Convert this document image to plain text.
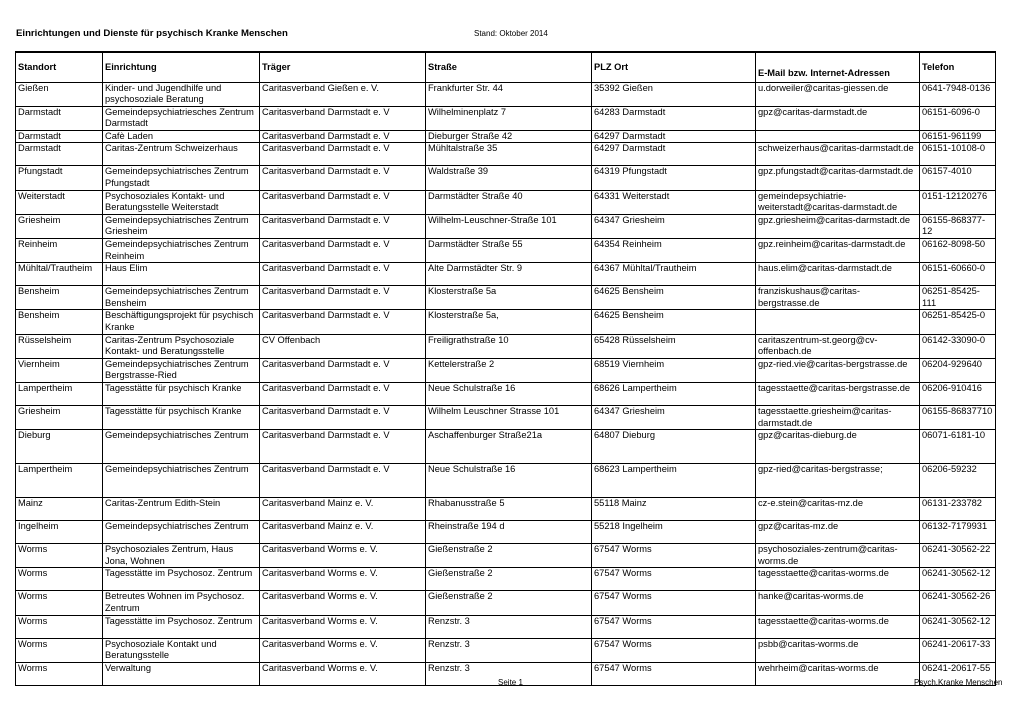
Einrichtungen und Dienste für psychisch Kranke Menschen	Stand: Oktober 2014
Standort	Einrichtung	Träger	Straße	PLZ Ort	E-Mail bzw. Internet-Adressen	Telefon
Gießen	Kinder- und Jugendhilfe und psychosoziale Beratung	Caritasverband Gießen e. V.	Frankfurter Str. 44	35392 Gießen	u.dorweiler@caritas-giessen.de	0641-7948-0136
Darmstadt	Gemeindepsychiatriesches Zentrum Darmstadt	Caritasverband Darmstadt e. V	Wilhelminenplatz 7	64283 Darmstadt	gpz@caritas-darmstadt.de	06151-6096-0
Darmstadt	Cafè Laden	Caritasverband Darmstadt e. V	Dieburger Straße 42	64297 Darmstadt		06151-961199
Darmstadt	Caritas-Zentrum Schweizerhaus	Caritasverband Darmstadt e. V	Mühltalstraße 35	64297 Darmstadt	schweizerhaus@caritas-darmstadt.de	06151-10108-0
Pfungstadt	Gemeindepsychiatrisches Zentrum Pfungstadt	Caritasverband Darmstadt e. V	Waldstraße 39	64319 Pfungstadt	gpz.pfungstadt@caritas-darmstadt.de	06157-4010
Weiterstadt	Psychosoziales Kontakt- und Beratungsstelle Weiterstadt	Caritasverband Darmstadt e. V	Darmstädter Straße 40	64331 Weiterstadt	gemeindepsychiatrie-weiterstadt@caritas-darmstadt.de	0151-12120276
Griesheim	Gemeindepsychiatrisches Zentrum Griesheim	Caritasverband Darmstadt e. V	Wilhelm-Leuschner-Straße 101	64347 Griesheim	gpz.griesheim@caritas-darmstadt.de	06155-868377-12
Reinheim	Gemeindepsychiatrisches Zentrum Reinheim	Caritasverband Darmstadt e. V	Darmstädter Straße 55	64354 Reinheim	gpz.reinheim@caritas-darmstadt.de	06162-8098-50
Mühltal/Trautheim	Haus Elim	Caritasverband Darmstadt e. V	Alte Darmstädter Str. 9	64367 Mühltal/Trautheim	haus.elim@caritas-darmstadt.de	06151-60660-0
Bensheim	Gemeindepsychiatrisches Zentrum Bensheim	Caritasverband Darmstadt e. V	Klosterstraße 5a	64625 Bensheim	franziskushaus@caritas-bergstrasse.de	06251-85425-111
Bensheim	Beschäftigungsprojekt für psychisch Kranke	Caritasverband Darmstadt e. V	Klosterstraße 5a,	64625 Bensheim		06251-85425-0
Rüsselsheim	Caritas-Zentrum Psychosoziale Kontakt- und Beratungsstelle	CV Offenbach	Freiligrathstraße 10	65428 Rüsselsheim	caritaszentrum-st.georg@cv-offenbach.de	06142-33090-0
Viernheim	Gemeindepsychiatrisches Zentrum Bergstrasse-Ried	Caritasverband Darmstadt e. V	Kettelerstraße 2	68519 Viernheim	gpz-ried.vie@caritas-bergstrasse.de	06204-929640
Lampertheim	Tagesstätte für psychisch Kranke	Caritasverband Darmstadt e. V	Neue Schulstraße 16	68626 Lampertheim	tagesstaette@caritas-bergstrasse.de	06206-910416
Griesheim	Tagesstätte für psychisch Kranke	Caritasverband Darmstadt e. V	Wilhelm Leuschner Strasse 101	64347 Griesheim	tagesstaette.griesheim@caritas-darmstadt.de	06155-86837710
Dieburg	Gemeindepsychiatrisches Zentrum	Caritasverband Darmstadt e. V	Aschaffenburger Straße21a	64807 Dieburg	gpz@caritas-dieburg.de	06071-6181-10
Lampertheim	Gemeindepsychiatrisches Zentrum	Caritasverband Darmstadt e. V	Neue Schulstraße 16	68623 Lampertheim	gpz-ried@caritas-bergstrasse;	06206-59232
Mainz	Caritas-Zentrum Edith-Stein	Caritasverband Mainz e. V.	Rhabanusstraße 5	55118 Mainz	cz-e.stein@caritas-mz.de	06131-233782
Ingelheim	Gemeindepsychiatrisches Zentrum	Caritasverband Mainz e. V.	Rheinstraße 194 d	55218 Ingelheim	gpz@caritas-mz.de	06132-7179931
Worms	Psychosoziales Zentrum, Haus Jona, Wohnen	Caritasverband Worms e. V.	Gießenstraße 2	67547 Worms	psychosoziales-zentrum@caritas-worms.de	06241-30562-22
Worms	Tagesstätte im Psychosoz. Zentrum	Caritasverband Worms e. V.	Gießenstraße 2	67547 Worms	tagesstaette@caritas-worms.de	06241-30562-12
Worms	Betreutes Wohnen im Psychosoz. Zentrum	Caritasverband Worms e. V.	Gießenstraße 2	67547 Worms	hanke@caritas-worms.de	06241-30562-26
Worms	Tagesstätte im Psychosoz. Zentrum	Caritasverband Worms e. V.	Renzstr. 3	67547 Worms	tagesstaette@caritas-worms.de	06241-30562-12
Worms	Psychosoziale Kontakt und Beratungsstelle	Caritasverband Worms e. V.	Renzstr. 3	67547 Worms	psbb@caritas-worms.de	06241-20617-33
Worms	Verwaltung	Caritasverband Worms e. V.	Renzstr. 3	67547 Worms	wehrheim@caritas-worms.de	06241-20617-55
Seite 1	Psych.Kranke Menschen
